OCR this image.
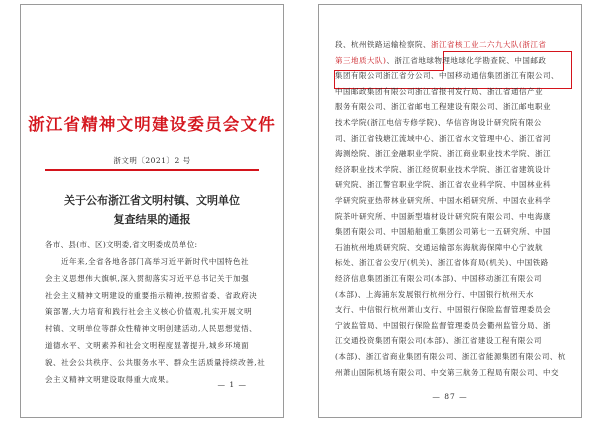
浙江省精神文明建设委员会文件
浙文明〔2021〕2 号
关于公布浙江省文明村镇、文明单位
复查结果的通报
各市、县(市、区)文明委,省文明委成员单位:
近年来,全省各地各部门高举习近平新时代中国特色社
会主义思想伟大旗帜,深入贯彻落实习近平总书记关于加强
社会主义精神文明建设的重要指示精神,按照省委、省政府决
策部署,大力培育和践行社会主义核心价值观,扎实开展文明
村镇、文明单位等群众性精神文明创建活动,人民思想觉悟、
道德水平、文明素养和社会文明程度显著提升,城乡环境面
貌、社会公共秩序、公共服务水平、群众生活质量持续改善,社
会主义精神文明建设取得重大成果。
— 1 —
段、杭州铁路运输检察院、浙江省核工业二六九大队(浙江省
第三地质大队)、浙江省地球物理地球化学勘查院、中国邮政
集团有限公司浙江省分公司、中国移动通信集团浙江有限公司、
中国邮政集团有限公司浙江省报刊发行局、浙江省通信产业
服务有限公司、浙江省邮电工程建设有限公司、浙江邮电职业
技术学院(浙江电信专修学院)、华信咨询设计研究院有限公
司、浙江省钱塘江流域中心、浙江省水文管理中心、浙江省河
海测绘院、浙江金融职业学院、浙江商业职业技术学院、浙江
经济职业技术学院、浙江经贸职业技术学院、浙江省建筑设计
研究院、浙江警官职业学院、浙江省农业科学院、中国林业科
学研究院亚热带林业研究所、中国水稻研究所、中国农业科学
院茶叶研究所、中国新型墙材设计研究院有限公司、中电海康
集团有限公司、中国船舶重工集团公司第七一五研究所、中国
石油杭州地质研究院、交通运输部东海航海保障中心宁波航
标处、浙江省公安厅(机关)、浙江省体育局(机关)、中国铁路
经济信息集团浙江有限公司(本部)、中国移动浙江有限公司
(本部)、上海浦东发展银行杭州分行、中国银行杭州天水
支行、中信银行杭州萧山支行、中国银行保险监督管理委员会
宁波监管局、中国银行保险监督管理委员会衢州监管分局、浙
江交通投资集团有限公司(本部)、浙江省建设工程有限公司
(本部)、浙江省商业集团有限公司、浙江省能源集团有限公司、杭
州萧山国际机场有限公司、中交第三航务工程局有限公司、中交
— 87 —
